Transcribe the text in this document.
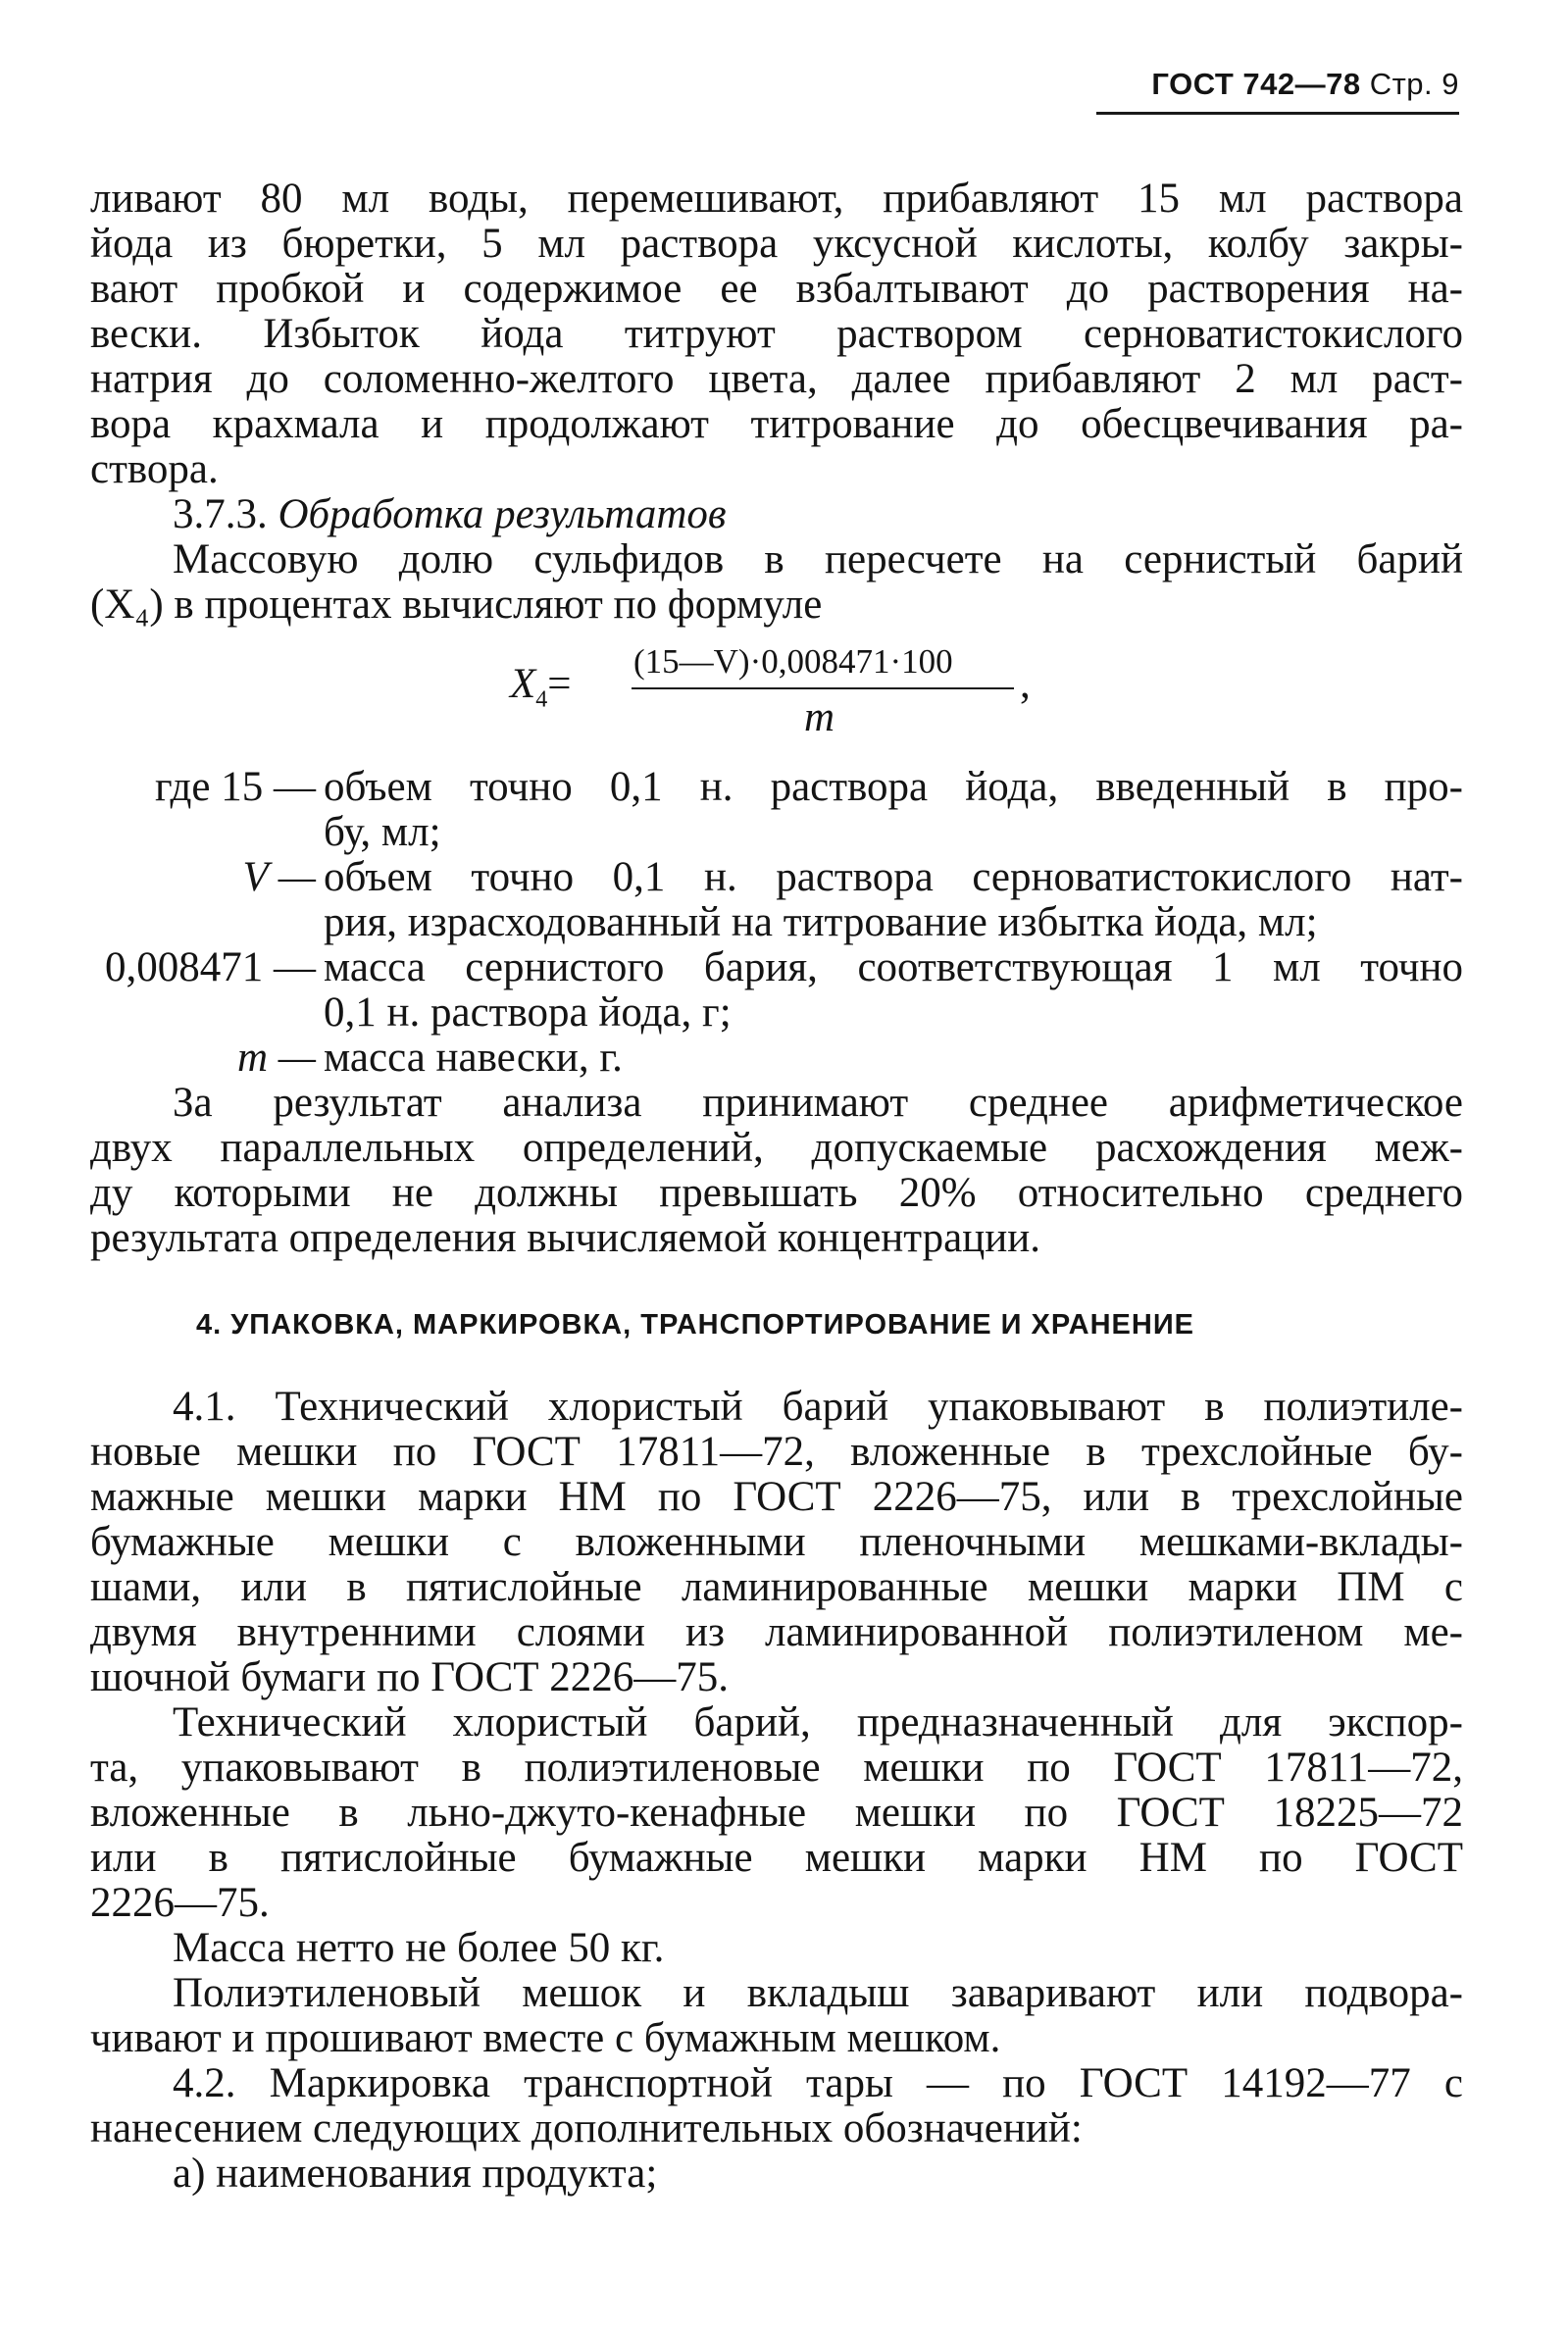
ГОСТ 742—78 Стр. 9
ливают 80 мл воды, перемешивают, прибавляют 15 мл раствора
йода из бюретки, 5 мл раствора уксусной кислоты, колбу закры-
вают пробкой и содержимое ее взбалтывают до растворения на-
вески. Избыток йода титруют раствором серноватистокислого
натрия до соломенно-желтого цвета, далее прибавляют 2 мл раст-
вора крахмала и продолжают титрование до обесцвечивания ра-
створа.
3.7.3. Обработка результатов
Массовую долю сульфидов в пересчете на сернистый барий
(X₄) в процентах вычисляют по формуле
$X_4=$ (15—V)·0,008471·100
m
,
где 15 — объем точно 0,1 н. раствора йода, введенный в про-
бу, мл;
V — объем точно 0,1 н. раствора серноватистокислого нат-
рия, израсходованный на титрование избытка йода, мл;
0,008471 — масса сернистого бария, соответствующая 1 мл точно
0,1 н. раствора йода, г;
m — масса навески, г.
За результат анализа принимают среднее арифметическое
двух параллельных определений, допускаемые расхождения меж-
ду которыми не должны превышать 20% относительно среднего
результата определения вычисляемой концентрации.
4. УПАКОВКА, МАРКИРОВКА, ТРАНСПОРТИРОВАНИЕ И ХРАНЕНИЕ
4.1. Технический хлористый барий упаковывают в полиэтиле-
новые мешки по ГОСТ 17811—72, вложенные в трехслойные бу-
мажные мешки марки НМ по ГОСТ 2226—75, или в трехслойные
бумажные мешки с вложенными пленочными мешками-вклады-
шами, или в пятислойные ламинированные мешки марки ПМ с
двумя внутренними слоями из ламинированной полиэтиленом ме-
шочной бумаги по ГОСТ 2226—75.
Технический хлористый барий, предназначенный для экспор-
та, упаковывают в полиэтиленовые мешки по ГОСТ 17811—72,
вложенные в льно-джуто-кенафные мешки по ГОСТ 18225—72
или в пятислойные бумажные мешки марки НМ по ГОСТ
2226—75.
Масса нетто не более 50 кг.
Полиэтиленовый мешок и вкладыш заваривают или подвора-
чивают и прошивают вместе с бумажным мешком.
4.2. Маркировка транспортной тары — по ГОСТ 14192—77 с
нанесением следующих дополнительных обозначений:
а) наименования продукта;
